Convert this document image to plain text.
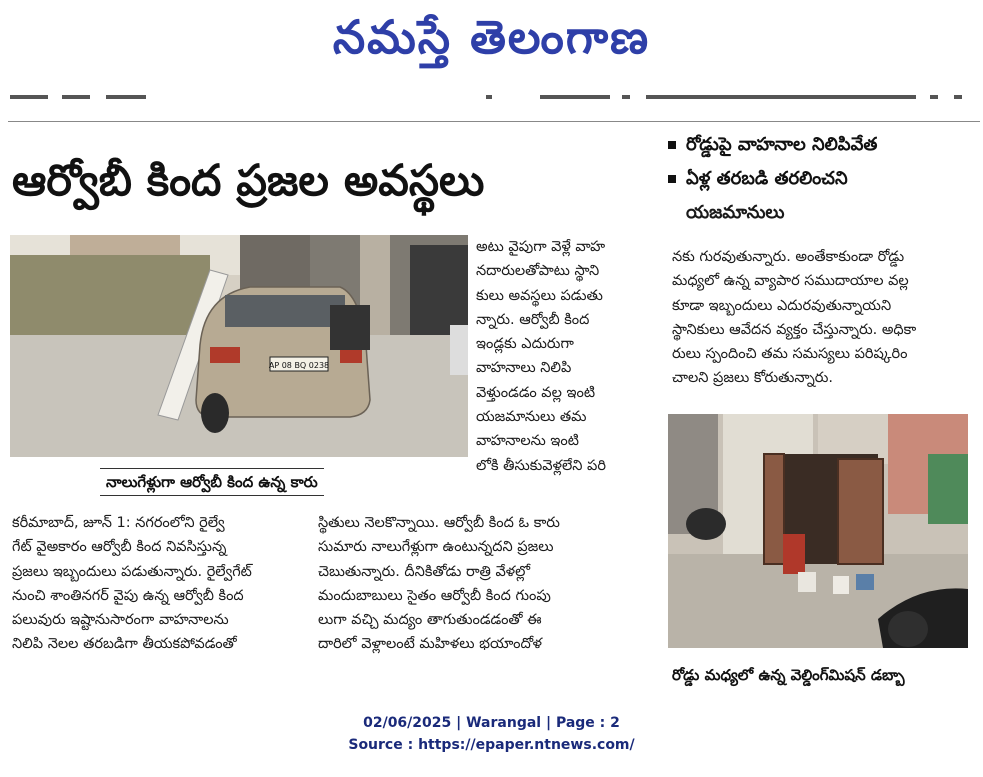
నమస్తే తెలంగాణ
ఆర్వోబీ కింద ప్రజల అవస్థలు
రోడ్డుపై వాహనాల నిలిపివేత
ఏళ్ల తరబడి తరలించని
యజమానులు
AP 08 BQ 0238
నాలుగేళ్లుగా ఆర్వోబీ కింద ఉన్న కారు
రోడ్డు మధ్యలో ఉన్న వెల్డింగ్‌మిషన్ డబ్బా

అటు వైపుగా వెళ్లే వాహ

నదారులతోపాటు స్థాని

కులు అవస్థలు పడుతు

న్నారు. ఆర్వోబీ కింద

ఇండ్లకు ఎదురుగా

వాహనాలు నిలిపి

వెళ్తుండడం వల్ల ఇంటి

యజమానులు తమ

వాహనాలను ఇంటి

లోకి తీసుకువెళ్లలేని పరి

కరీమాబాద్, జూన్ 1: నగరంలోని రైల్వే

గేట్ వైఅకారం ఆర్వోబీ కింద నివసిస్తున్న

ప్రజలు ఇబ్బందులు పడుతున్నారు. రైల్వేగేట్

నుంచి శాంతినగర్ వైపు ఉన్న ఆర్వోబీ కింద

పలువురు ఇష్టానుసారంగా వాహనాలను

నిలిపి నెలల తరబడిగా తీయకపోవడంతో

స్థితులు నెలకొన్నాయి. ఆర్వోబీ కింద ఓ కారు

సుమారు నాలుగేళ్లుగా ఉంటున్నదని ప్రజలు

చెబుతున్నారు. దీనికితోడు రాత్రి వేళల్లో

మందుబాబులు సైతం ఆర్వోబీ కింద గుంపు

లుగా వచ్చి మద్యం తాగుతుండడంతో ఈ

దారిలో వెళ్లాలంటే మహిళలు భయాందోళ

నకు గురవుతున్నారు. అంతేకాకుండా రోడ్డు

మధ్యలో ఉన్న వ్యాపార సముదాయాల వల్ల

కూడా ఇబ్బందులు ఎదురవుతున్నాయని

స్థానికులు ఆవేదన వ్యక్తం చేస్తున్నారు. అధికా

రులు స్పందించి తమ సమస్యలు పరిష్కరిం

చాలని ప్రజలు కోరుతున్నారు.

02/06/2025 | Warangal | Page : 2
Source : https://epaper.ntnews.com/
